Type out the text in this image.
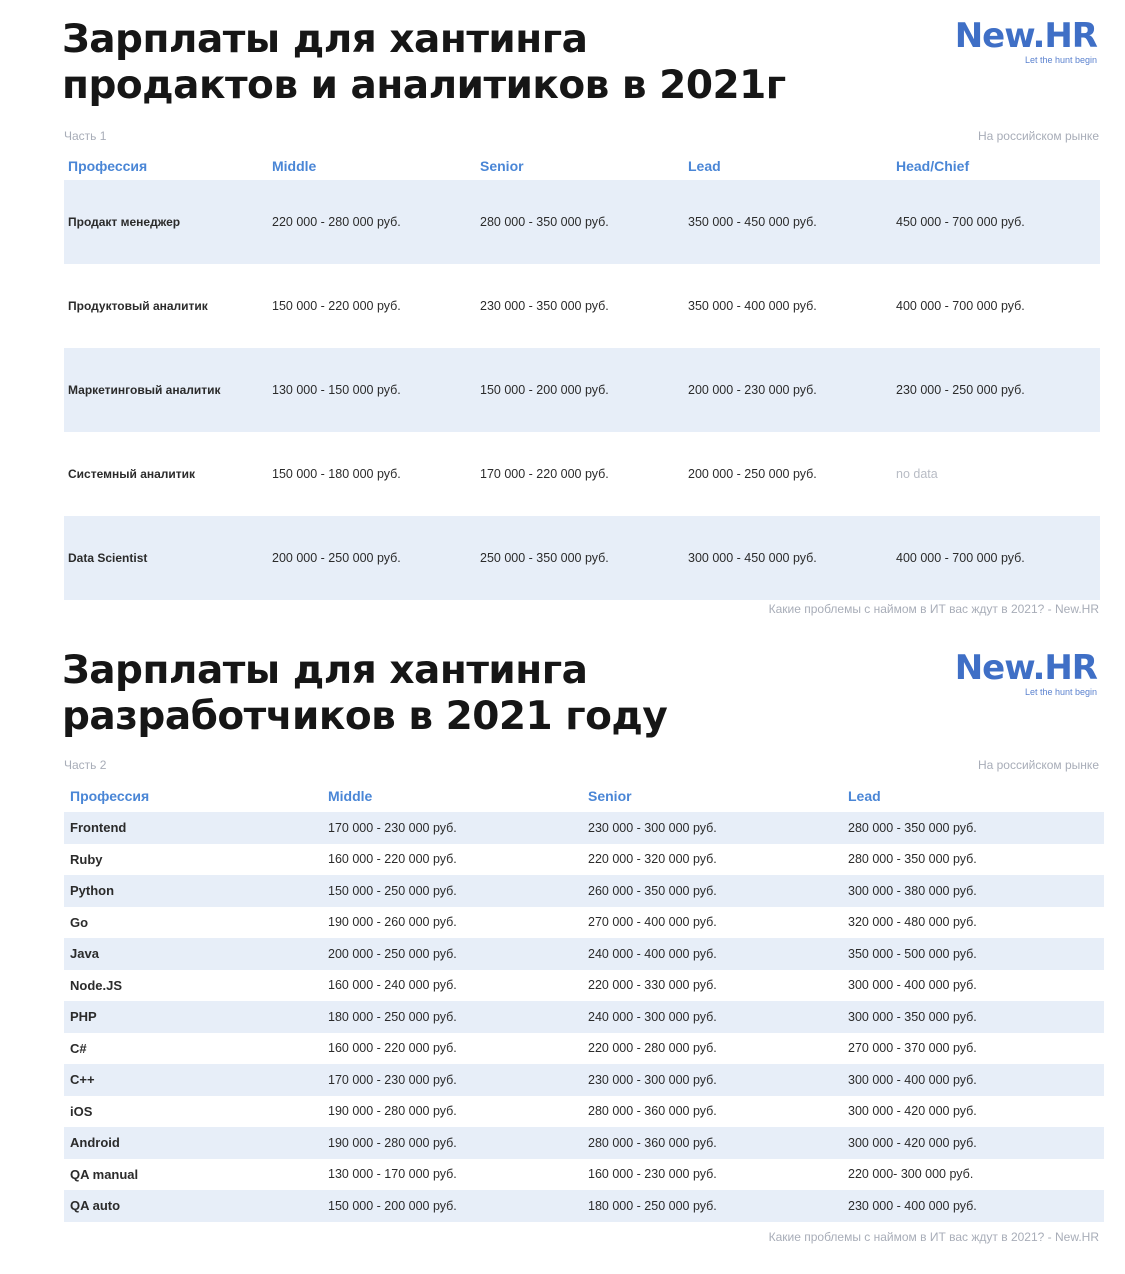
Зарплаты для хантинга
продактов и аналитиков в 2021г
New.HR
Let the hunt begin
Часть 1	На российском рынке
Профессия	Middle	Senior	Lead	Head/Chief
Продакт менеджер	220 000 - 280 000 руб.	280 000 - 350 000 руб.	350 000 - 450 000 руб.	450 000 - 700 000 руб.
Продуктовый аналитик	150 000 - 220 000 руб.	230 000 - 350 000 руб.	350 000 - 400 000 руб.	400 000 - 700 000 руб.
Маркетинговый аналитик	130 000 - 150 000 руб.	150 000 - 200 000 руб.	200 000 - 230 000 руб.	230 000 - 250 000 руб.
Системный аналитик	150 000 - 180 000 руб.	170 000 - 220 000 руб.	200 000 - 250 000 руб.	no data
Data Scientist	200 000 - 250 000 руб.	250 000 - 350 000 руб.	300 000 - 450 000 руб.	400 000 - 700 000 руб.
Какие проблемы с наймом в ИТ вас ждут в 2021? - New.HR
Зарплаты для хантинга
разработчиков в 2021 году
New.HR
Let the hunt begin
Часть 2	На российском рынке
Профессия	Middle	Senior	Lead
Frontend	170 000 - 230 000 руб.	230 000 - 300 000 руб.	280 000 - 350 000 руб.
Ruby	160 000 - 220 000 руб.	220 000 - 320 000 руб.	280 000 - 350 000 руб.
Python	150 000 - 250 000 руб.	260 000 - 350 000 руб.	300 000 - 380 000 руб.
Go	190 000 - 260 000 руб.	270 000 - 400 000 руб.	320 000 - 480 000 руб.
Java	200 000 - 250 000 руб.	240 000 - 400 000 руб.	350 000 - 500 000 руб.
Node.JS	160 000 - 240 000 руб.	220 000 - 330 000 руб.	300 000 - 400 000 руб.
PHP	180 000 - 250 000 руб.	240 000 - 300 000 руб.	300 000 - 350 000 руб.
C#	160 000 - 220 000 руб.	220 000 - 280 000 руб.	270 000 - 370 000 руб.
C++	170 000 - 230 000 руб.	230 000 - 300 000 руб.	300 000 - 400 000 руб.
iOS	190 000 - 280 000 руб.	280 000 - 360 000 руб.	300 000 - 420 000 руб.
Android	190 000 - 280 000 руб.	280 000 - 360 000 руб.	300 000 - 420 000 руб.
QA manual	130 000 - 170 000 руб.	160 000 - 230 000 руб.	220 000- 300 000 руб.
QA auto	150 000 - 200 000 руб.	180 000 - 250 000 руб.	230 000 - 400 000 руб.
Какие проблемы с наймом в ИТ вас ждут в 2021? - New.HR
